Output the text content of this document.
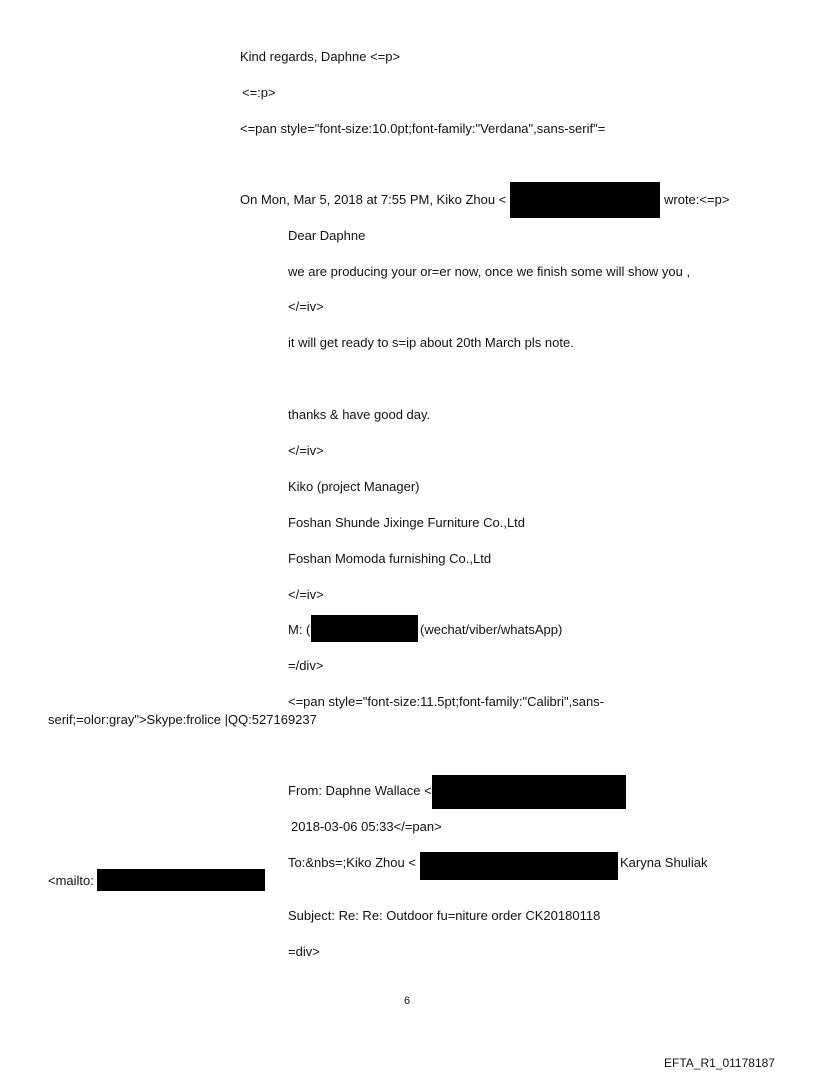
Kind regards, Daphne <=p>
<=:p>
<=pan style="font-size:10.0pt;font-family:"Verdana",sans-serif"=
On Mon, Mar 5, 2018 at 7:55 PM, Kiko Zhou <	wrote:<=p>
Dear Daphne
we are producing your or=er now, once we finish some will show you ,
</=iv>
it will get ready to s=ip about 20th March pls note.
thanks & have good day.
</=iv>
Kiko (project Manager)
Foshan Shunde Jixinge Furniture Co.,Ltd
Foshan Momoda furnishing Co.,Ltd
</=iv>
M: (	(wechat/viber/whatsApp)
=/div>
<=pan style="font-size:11.5pt;font-family:"Calibri",sans-
serif;=olor:gray">Skype:frolice |QQ:527169237
From: Daphne Wallace <
2018-03-06 05:33</=pan>
To:&nbs=;Kiko Zhou <	Karyna Shuliak
<mailto:
Subject: Re: Re: Outdoor fu=niture order CK20180118
=div>
6
EFTA_R1_01178187
